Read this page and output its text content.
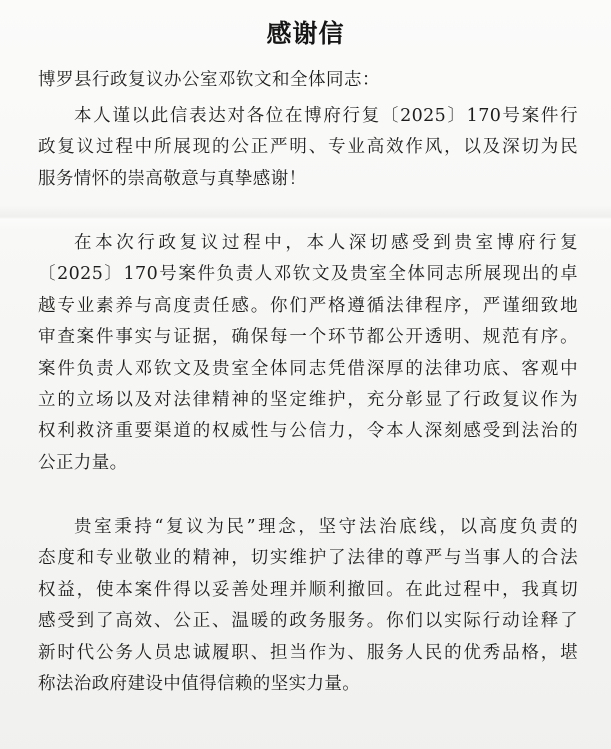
感谢信
博罗县行政复议办公室邓钦文和全体同志：
本人谨以此信表达对各位在博府行复〔2025〕170号案件行
政复议过程中所展现的公正严明、专业高效作风，以及深切为民
服务情怀的崇高敬意与真挚感谢！
在本次行政复议过程中，本人深切感受到贵室博府行复
〔2025〕170号案件负责人邓钦文及贵室全体同志所展现出的卓
越专业素养与高度责任感。你们严格遵循法律程序，严谨细致地
审查案件事实与证据，确保每一个环节都公开透明、规范有序。
案件负责人邓钦文及贵室全体同志凭借深厚的法律功底、客观中
立的立场以及对法律精神的坚定维护，充分彰显了行政复议作为
权利救济重要渠道的权威性与公信力，令本人深刻感受到法治的
公正力量。
贵室秉持“复议为民”理念，坚守法治底线，以高度负责的
态度和专业敬业的精神，切实维护了法律的尊严与当事人的合法
权益，使本案件得以妥善处理并顺利撤回。在此过程中，我真切
感受到了高效、公正、温暖的政务服务。你们以实际行动诠释了
新时代公务人员忠诚履职、担当作为、服务人民的优秀品格，堪
称法治政府建设中值得信赖的坚实力量。
